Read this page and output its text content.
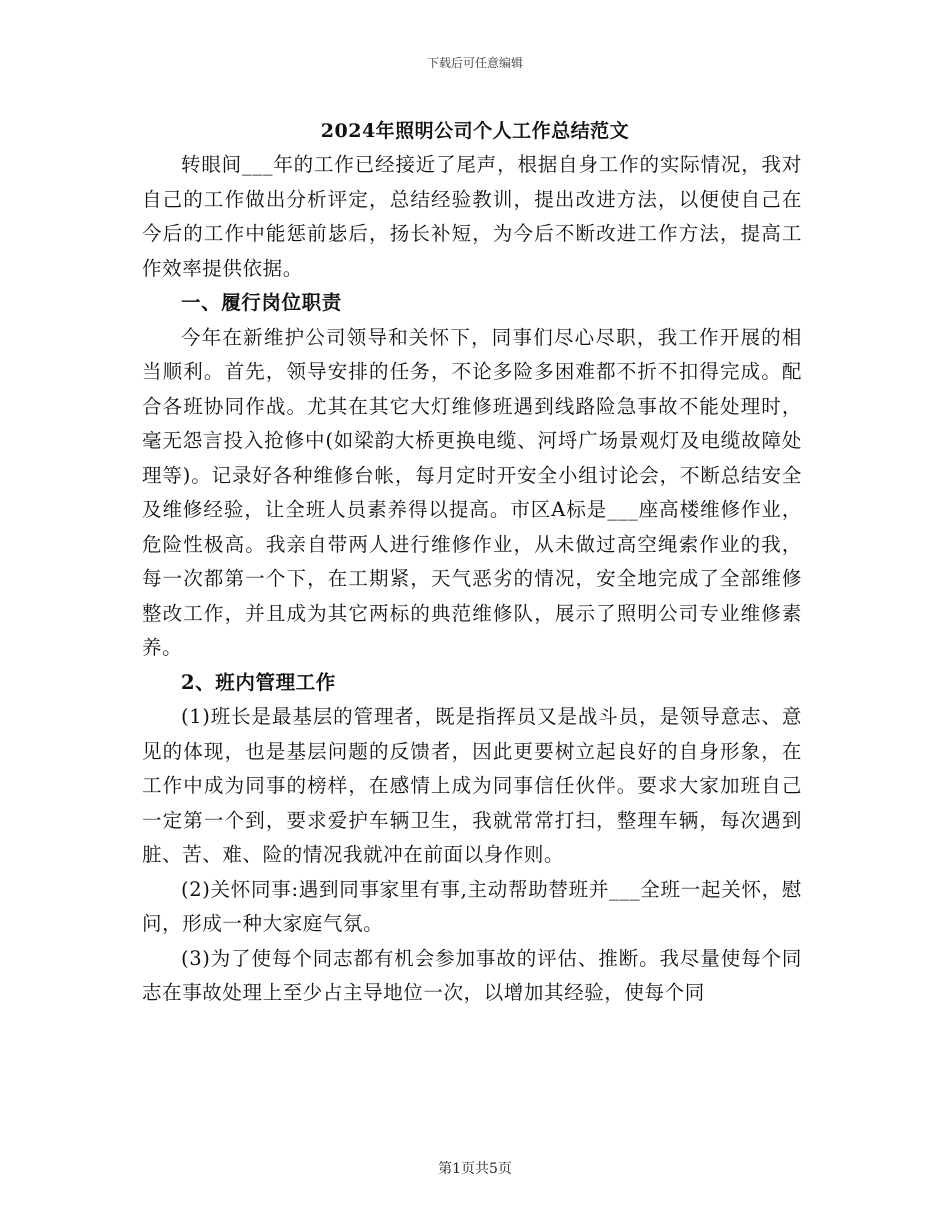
下载后可任意编辑
2024年照明公司个人工作总结范文

转眼间___年的工作已经接近了尾声，根据自身工作的实际情况，我对自己的工作做出分析评定，总结经验教训，提出改进方法，以便使自己在今后的工作中能惩前毖后，扬长补短，为今后不断改进工作方法，提高工作效率提供依据。

一、履行岗位职责

今年在新维护公司领导和关怀下，同事们尽心尽职，我工作开展的相当顺利。首先，领导安排的任务，不论多险多困难都不折不扣得完成。配合各班协同作战。尤其在其它大灯维修班遇到线路险急事故不能处理时，毫无怨言投入抢修中(如梁韵大桥更换电缆、河埒广场景观灯及电缆故障处理等)。记录好各种维修台帐，每月定时开安全小组讨论会，不断总结安全及维修经验，让全班人员素养得以提高。市区A标是___座高楼维修作业，危险性极高。我亲自带两人进行维修作业，从未做过高空绳索作业的我，每一次都第一个下，在工期紧，天气恶劣的情况，安全地完成了全部维修整改工作，并且成为其它两标的典范维修队，展示了照明公司专业维修素养。

2、班内管理工作

(1)班长是最基层的管理者，既是指挥员又是战斗员，是领导意志、意见的体现，也是基层问题的反馈者，因此更要树立起良好的自身形象，在工作中成为同事的榜样，在感情上成为同事信任伙伴。要求大家加班自己一定第一个到，要求爱护车辆卫生，我就常常打扫，整理车辆，每次遇到脏、苦、难、险的情况我就冲在前面以身作则。

(2)关怀同事:遇到同事家里有事,主动帮助替班并___全班一起关怀，慰问，形成一种大家庭气氛。

(3)为了使每个同志都有机会参加事故的评估、推断。我尽量使每个同志在事故处理上至少占主导地位一次，以增加其经验，使每个同

第1页共5页
